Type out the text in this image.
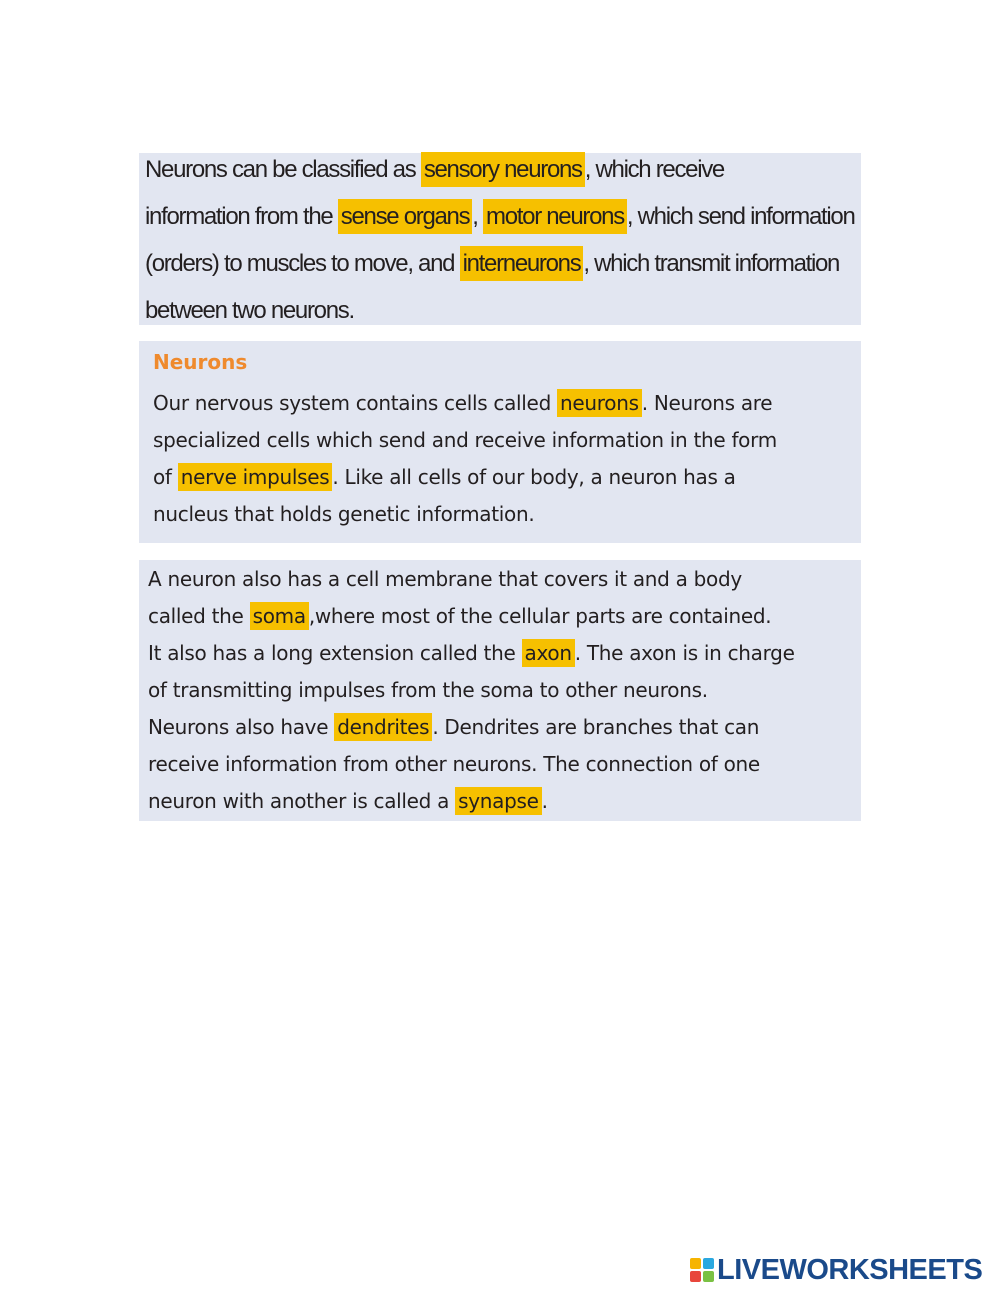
Neurons can be classified as sensory neurons , which receive
information from the sense organs , motor neurons , which send information
(orders) to muscles to move, and interneurons , which transmit information
between two neurons.
Neurons
Our nervous system contains cells called neurons . Neurons are
specialized cells which send and receive information in the form
of nerve impulses . Like all cells of our body, a neuron has a
nucleus that holds genetic information.
A neuron also has a cell membrane that covers it and a body
called the soma ,where most of the cellular parts are contained.
It also has a long extension called the axon . The axon is in charge
of transmitting impulses from the soma to other neurons.
Neurons also have dendrites . Dendrites are branches that can
receive information from other neurons. The connection of one
neuron with another is called a synapse .
LIVEWORKSHEETS
